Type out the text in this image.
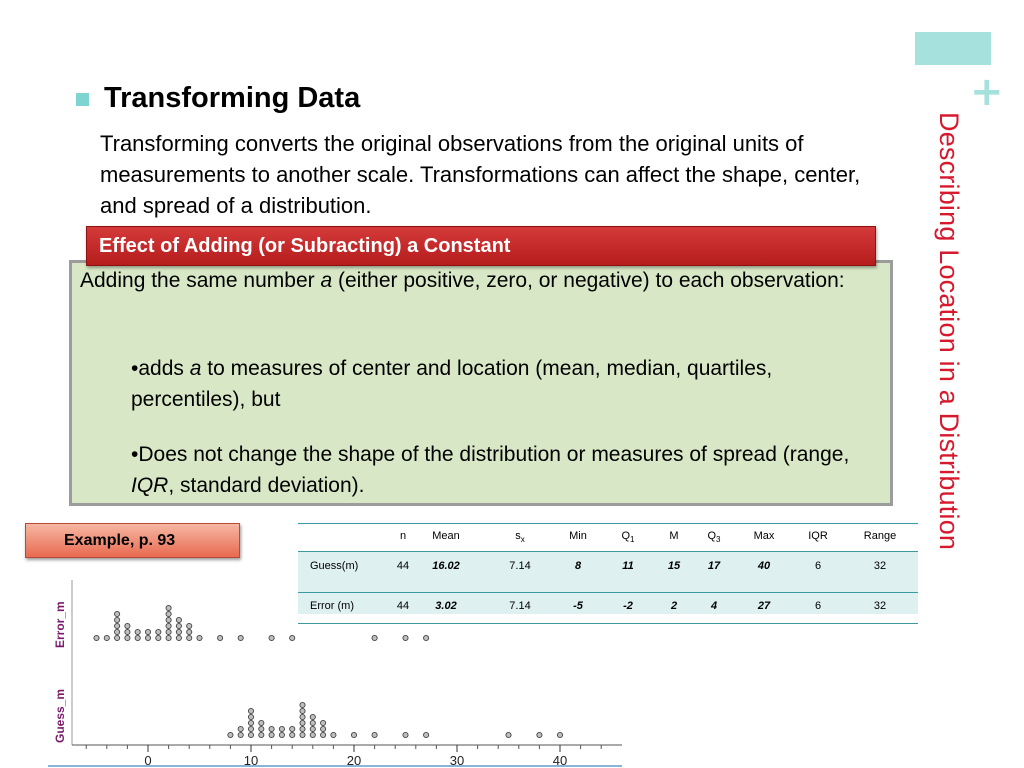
+
Describing Location in a Distribution
Transforming Data
Transforming converts the original observations from the original units of measurements to another scale. Transformations can affect the shape, center, and spread of a distribution.
Effect of Adding (or Subracting) a Constant
Adding the same number a (either positive, zero, or negative) to each observation:
•adds a to measures of center and location (mean, median, quartiles, percentiles), but
•Does not change the shape of the distribution or measures of spread (range, IQR, standard deviation).
Example, p. 93	n Mean	$s_x$	Min	$Q_1$	M	$Q_3$	Max	IQR	Range
Guess(m)	44 16.02	7.14	8	11	15	17	40	6	32
Error (m)	44 3.02	7.14	-5	-2	2	4	27	6	32
0	10	20	30	40
Error_m
Guess_m
